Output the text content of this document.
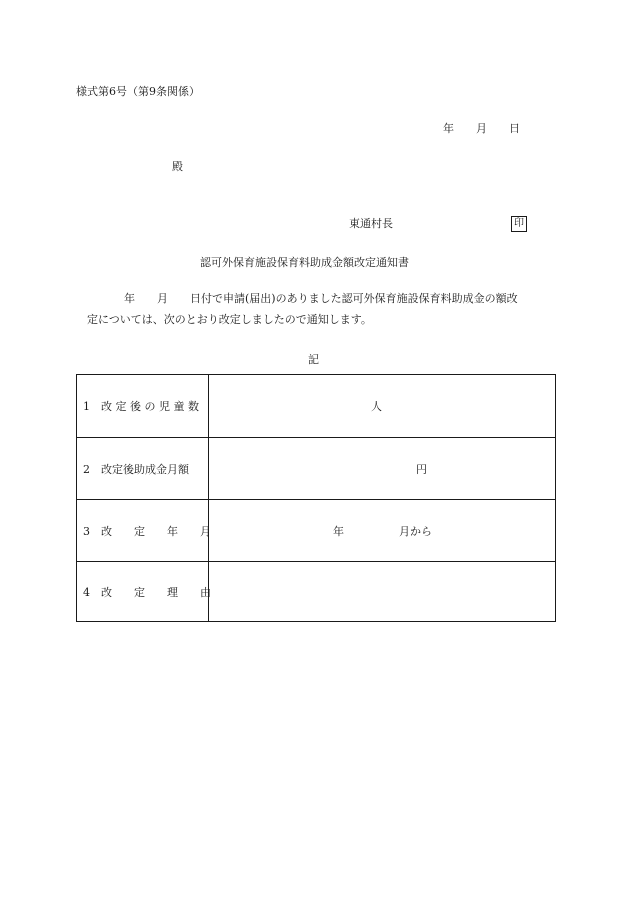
様式第6号（第9条関係）
年　　月　　日
殿
東通村長	印
認可外保育施設保育料助成金額改定通知書
年　　月　　日付で申請(届出)のありました認可外保育施設保育料助成金の額改
定については、次のとおり改定しましたので通知します。
記
1　改 定 後 の 児 童 数	人
2　改定後助成金月額	円
3　改　　定　　年　　月	年　　　　　月から
4　改　　定　　理　　由
